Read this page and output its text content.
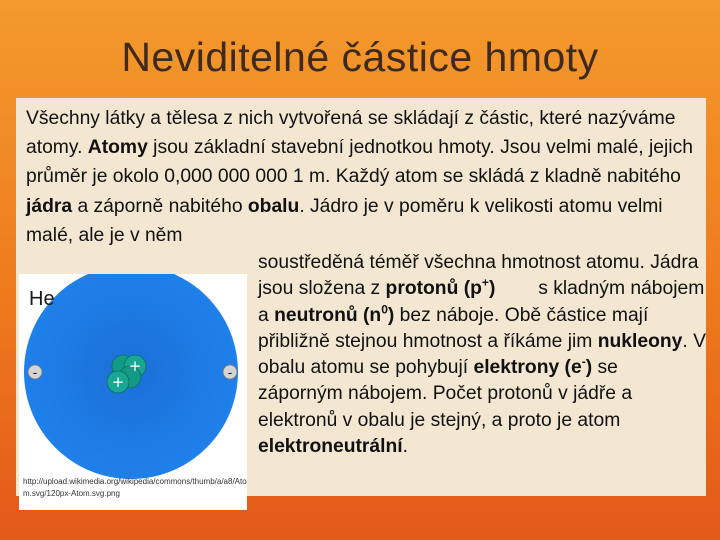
Neviditelné částice hmoty
Všechny látky a tělesa z nich vytvořená se skládají z částic, které nazýváme atomy. Atomy jsou základní stavební jednotkou hmoty. Jsou velmi malé, jejich průměr je okolo 0,000 000 000 1 m. Každý atom se skládá z kladně nabitého jádra a záporně nabitého obalu. Jádro je v poměru k velikosti atomu velmi malé, ale je v něm
soustředěná téměř všechna hmotnost atomu. Jádra jsou složena z protonů (p+)        s kladným nábojem a neutronů $(n^0)$ bez náboje. Obě částice mají přibližně stejnou hmotnost a říkáme jim nukleony. V obalu atomu se pohybují elektrony (e-) se záporným nábojem. Počet protonů v jádře a elektronů v obalu je stejný, a proto je atom elektroneutrální.
+
+
-	-
He
http://upload.wikimedia.org/wikipedia/commons/thumb/a/a8/Atom.svg/120px-Atom.svg.png
